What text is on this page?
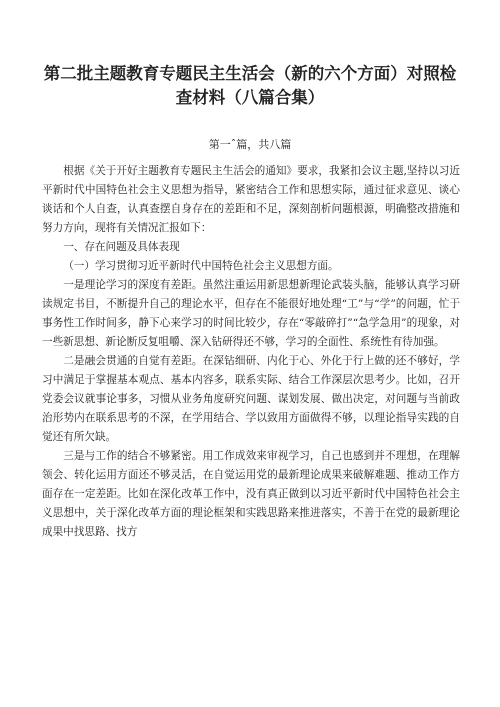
第二批主题教育专题民主生活会（新的六个方面）对照检查材料（八篇合集）
第一ˆ篇，共八篇

根据《关于开好主题教育专题民主生活会的通知》要求，我紧扣会议主题,坚持以习近平新时代中国特色社会主义思想为指导，紧密结合工作和思想实际，通过征求意见、谈心谈话和个人自查，认真查摆自身存在的差距和不足，深刻剖析问题根源，明确整改措施和努力方向，现将有关情况汇报如下：

一、存在问题及具体表现

（一）学习贯彻习近平新时代中国特色社会主义思想方面。

一是理论学习的深度有差距。虽然注重运用新思想新理论武装头脑，能够认真学习研读规定书目，不断提升自己的理论水平，但存在不能很好地处理“工”与“学”的问题，忙于事务性工作时间多，静下心来学习的时间比较少，存在“零敲碎打”“急学急用”的现象，对一些新思想、新论断反复咀嚼、深入钻研得还不够，学习的全面性、系统性有待加强。

二是融会贯通的自觉有差距。在深钻细研、内化于心、外化于行上做的还不够好，学习中满足于掌握基本观点、基本内容多，联系实际、结合工作深层次思考少。比如，召开党委会议就事论事多，习惯从业务角度研究问题、谋划发展、做出决定，对问题与当前政治形势内在联系思考的不深，在学用结合、学以致用方面做得不够，以理论指导实践的自觉还有所欠缺。

三是与工作的结合不够紧密。用工作成效来审视学习，自己也感到并不理想，在理解领会、转化运用方面还不够灵活，在自觉运用党的最新理论成果来破解难题、推动工作方面存在一定差距。比如在深化改革工作中，没有真正做到以习近平新时代中国特色社会主义思想中，关于深化改革方面的理论框架和实践思路来推进落实，不善于在党的最新理论成果中找思路、找方
